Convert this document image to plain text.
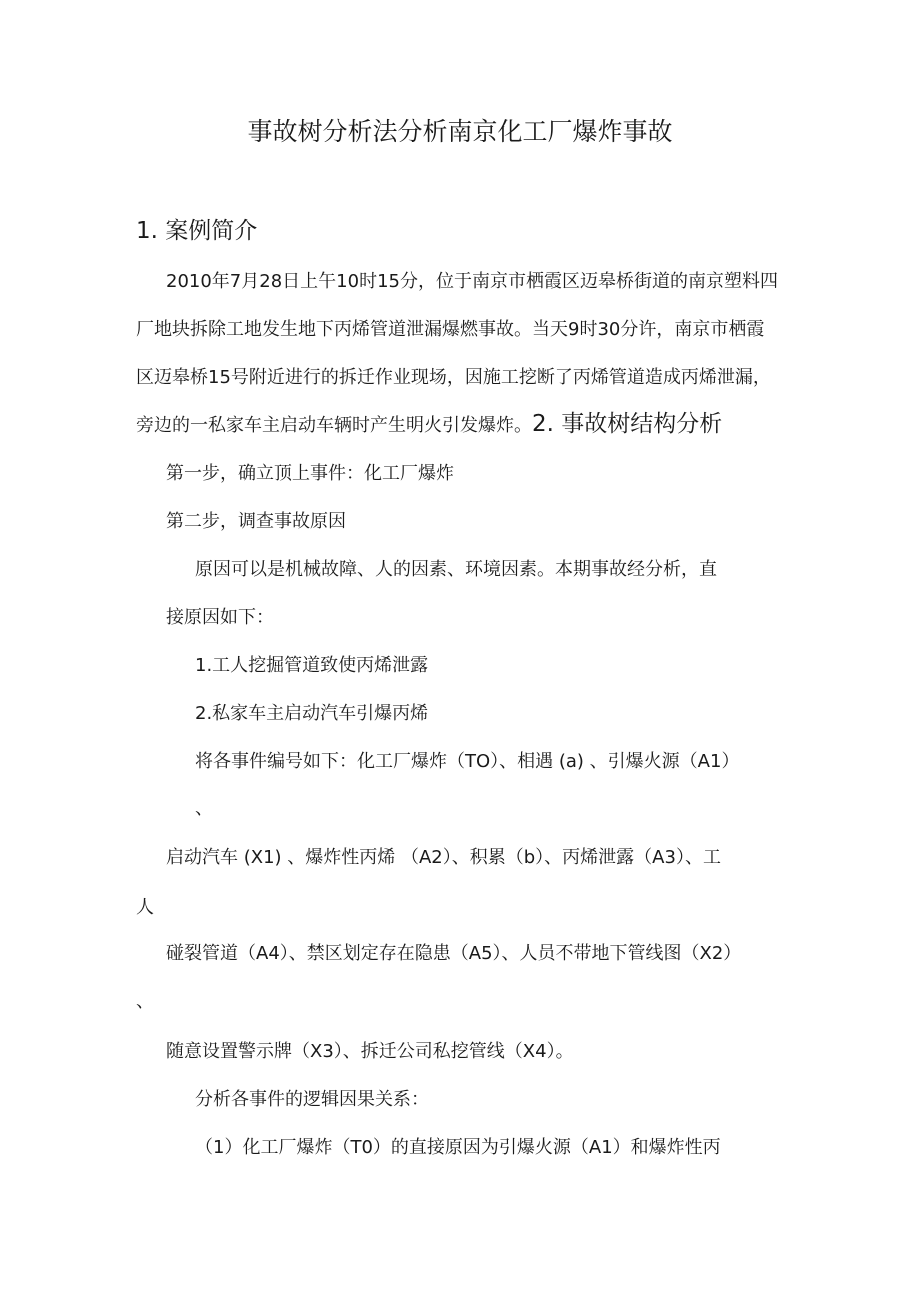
事故树分析法分析南京化工厂爆炸事故
1. 案例简介
2010年7月28日上午10时15分，位于南京市栖霞区迈皋桥街道的南京塑料四
厂地块拆除工地发生地下丙烯管道泄漏爆燃事故。当天9时30分许，南京市栖霞
区迈皋桥15号附近进行的拆迁作业现场，因施工挖断了丙烯管道造成丙烯泄漏，
旁边的一私家车主启动车辆时产生明火引发爆炸。2. 事故树结构分析
第一步，确立顶上事件：化工厂爆炸
第二步，调查事故原因
原因可以是机械故障、人的因素、环境因素。本期事故经分析，直
接原因如下：
1.工人挖掘管道致使丙烯泄露
2.私家车主启动汽车引爆丙烯
将各事件编号如下：化工厂爆炸（TO）、相遇 (a) 、引爆火源（A1）
、
启动汽车 (X1) 、爆炸性丙烯 （A2）、积累（b）、丙烯泄露（A3）、工
人
碰裂管道（A4）、禁区划定存在隐患（A5）、人员不带地下管线图（X2）
、
随意设置警示牌（X3）、拆迁公司私挖管线（X4）。
分析各事件的逻辑因果关系：
（1）化工厂爆炸（T0）的直接原因为引爆火源（A1）和爆炸性丙
